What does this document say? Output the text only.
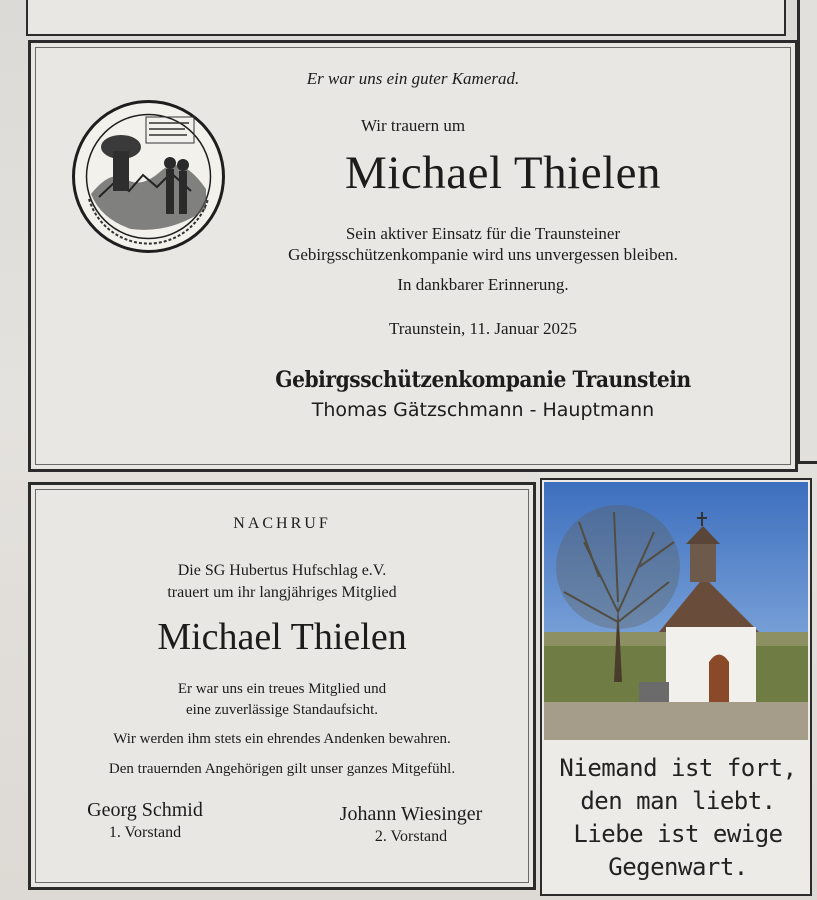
Er war uns ein guter Kamerad.
Wir trauern um
Michael Thielen
Sein aktiver Einsatz für die Traunsteiner
Gebirgsschützenkompanie wird uns unvergessen bleiben.
In dankbarer Erinnerung.
Traunstein, 11. Januar 2025
Gebirgsschützenkompanie Traunstein
Thomas Gätzschmann - Hauptmann
NACHRUF
Die SG Hubertus Hufschlag e.V.
trauert um ihr langjähriges Mitglied
Michael Thielen
Er war uns ein treues Mitglied und
eine zuverlässige Standaufsicht.
Wir werden ihm stets ein ehrendes Andenken bewahren.
Den trauernden Angehörigen gilt unser ganzes Mitgefühl.
Georg Schmid
1. Vorstand
Johann Wiesinger
2. Vorstand
Niemand ist fort,
den man liebt.
Liebe ist ewige
Gegenwart.
